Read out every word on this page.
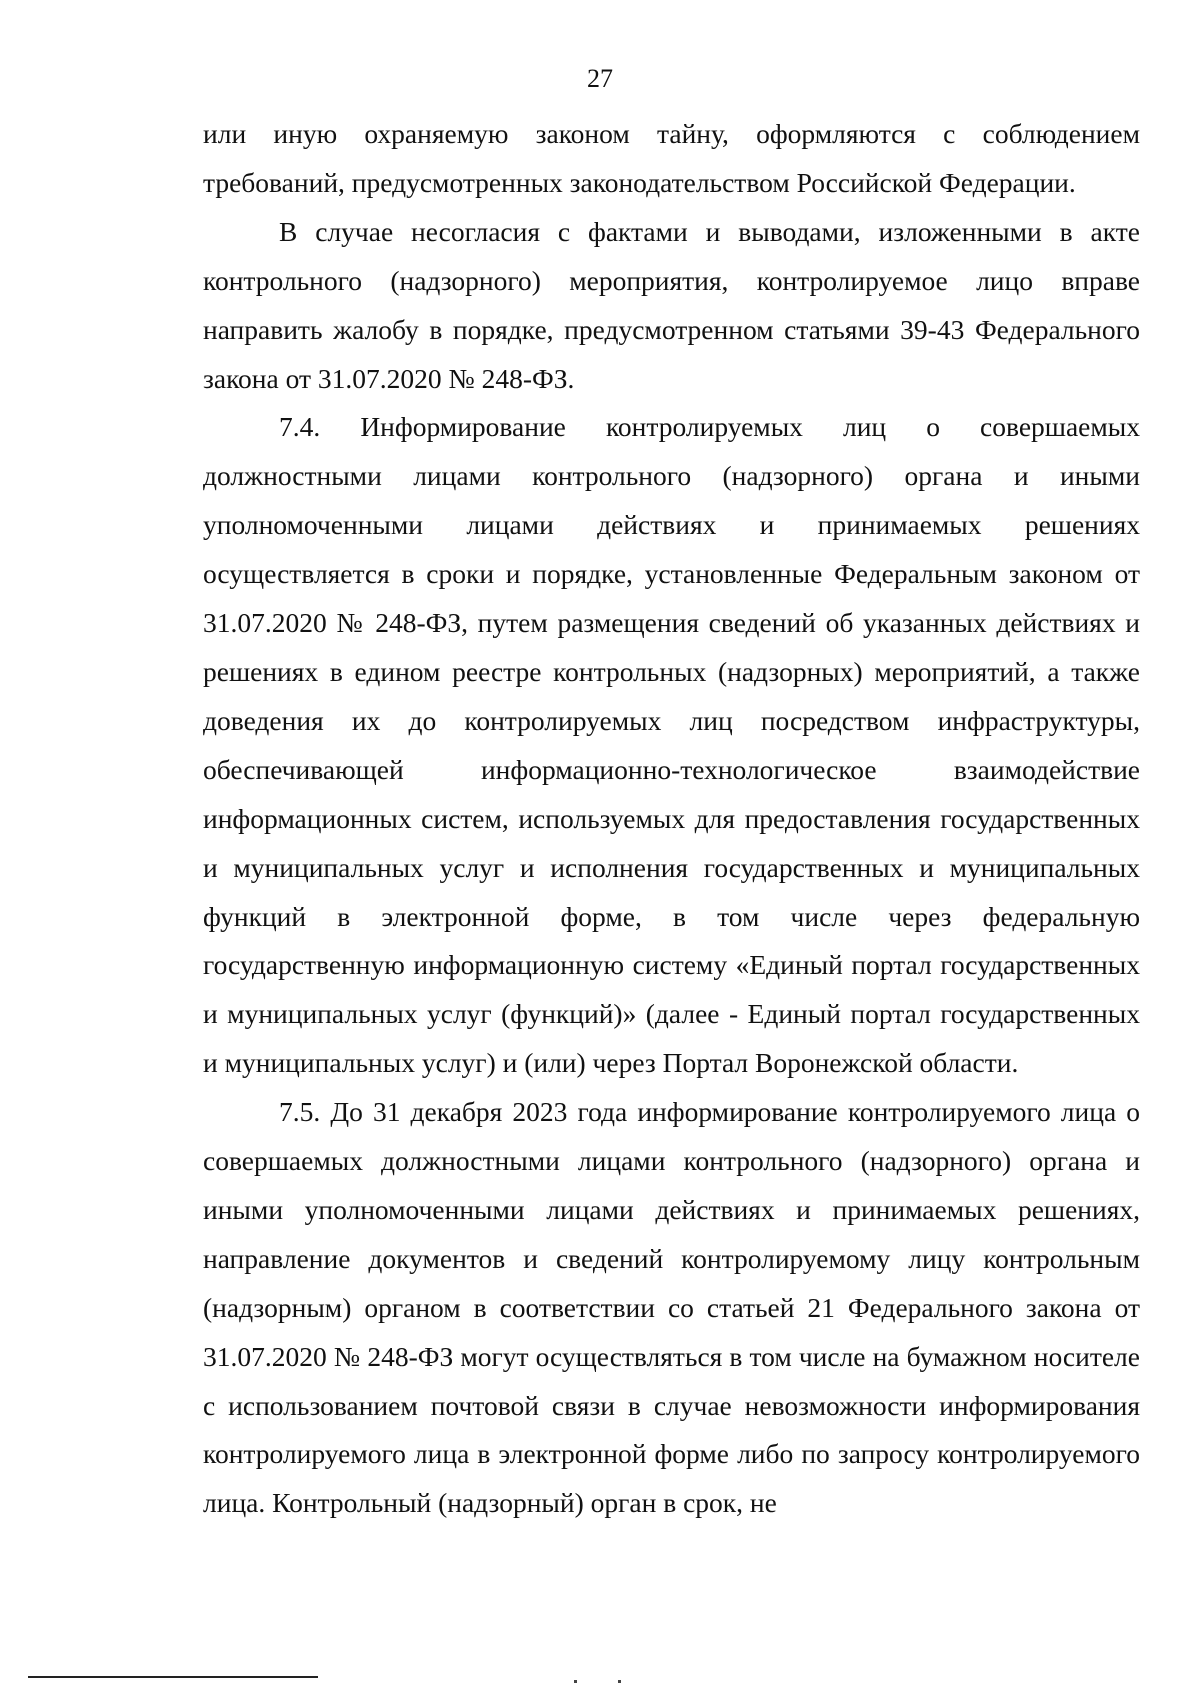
27

или иную охраняемую законом тайну, оформляются с соблюдением требований, предусмотренных законодательством Российской Федерации.

В случае несогласия с фактами и выводами, изложенными в акте контрольного (надзорного) мероприятия, контролируемое лицо вправе направить жалобу в порядке, предусмотренном статьями 39-43 Федерального закона от 31.07.2020 № 248-ФЗ.

7.4. Информирование контролируемых лиц о совершаемых должностными лицами контрольного (надзорного) органа и иными уполномоченными лицами действиях и принимаемых решениях осуществляется в сроки и порядке, установленные Федеральным законом от 31.07.2020 № 248-ФЗ, путем размещения сведений об указанных действиях и решениях в едином реестре контрольных (надзорных) мероприятий, а также доведения их до контролируемых лиц посредством инфраструктуры, обеспечивающей информационно-технологическое взаимодействие информационных систем, используемых для предоставления государственных и муниципальных услуг и исполнения государственных и муниципальных функций в электронной форме, в том числе через федеральную государственную информационную систему «Единый портал государственных и муниципальных услуг (функций)» (далее - Единый портал государственных и муниципальных услуг) и (или) через Портал Воронежской области.

7.5. До 31 декабря 2023 года информирование контролируемого лица о совершаемых должностными лицами контрольного (надзорного) органа и иными уполномоченными лицами действиях и принимаемых решениях, направление документов и сведений контролируемому лицу контрольным (надзорным) органом в соответствии со статьей 21 Федерального закона от 31.07.2020 № 248-ФЗ могут осуществляться в том числе на бумажном носителе с использованием почтовой связи в случае невозможности информирования контролируемого лица в электронной форме либо по запросу контролируемого лица. Контрольный (надзорный) орган в срок, не
